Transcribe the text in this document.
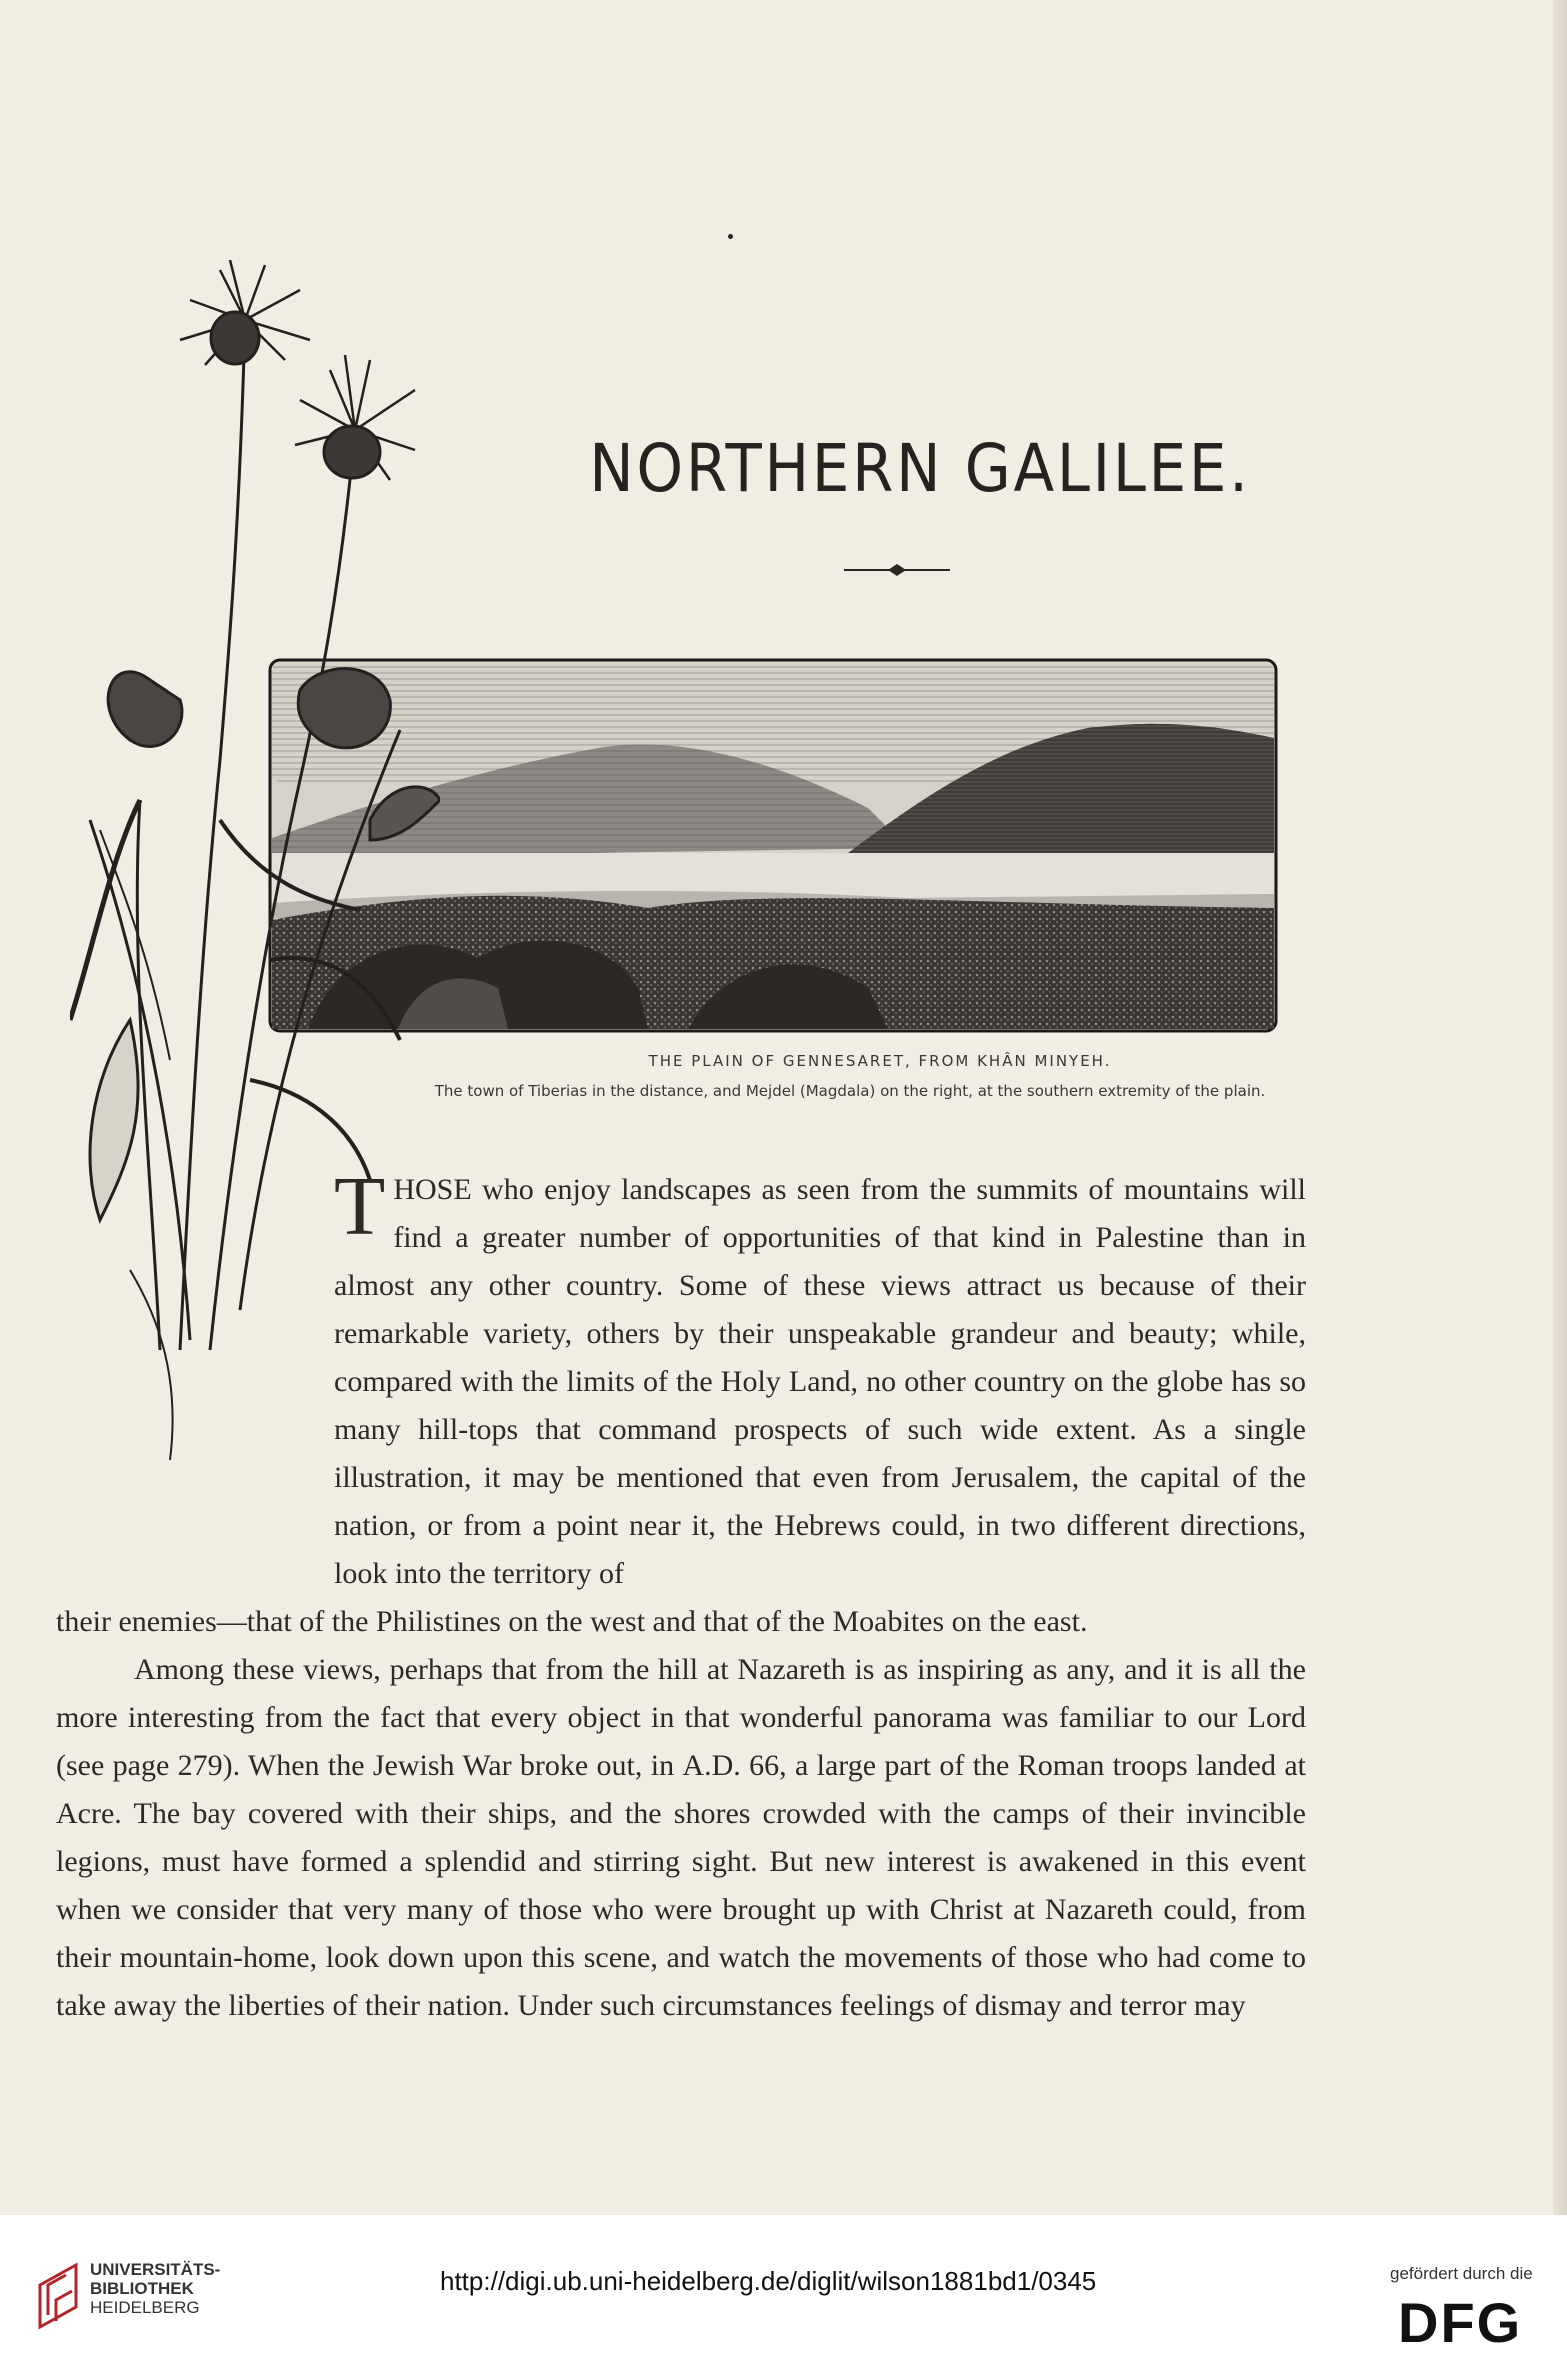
NORTHERN GALILEE.
THE PLAIN OF GENNESARET, FROM KHÂN MINYEH.
The town of Tiberias in the distance, and Mejdel (Magdala) on the right, at the southern extremity of the plain.

THOSE who enjoy landscapes as seen from the summits of mountains will find a greater number of opportunities of that kind in Palestine than in almost any other country. Some of these views attract us because of their remarkable variety, others by their unspeakable grandeur and beauty; while, compared with the limits of the Holy Land, no other country on the globe has so many hill-tops that command prospects of such wide extent. As a single illustration, it may be mentioned that even from Jerusalem, the capital of the nation, or from a point near it, the Hebrews could, in two different directions, look into the territory of

their enemies—that of the Philistines on the west and that of the Moabites on the east.

Among these views, perhaps that from the hill at Nazareth is as inspiring as any, and it is all the more interesting from the fact that every object in that wonderful panorama was familiar to our Lord (see page 279). When the Jewish War broke out, in A.D. 66, a large part of the Roman troops landed at Acre. The bay covered with their ships, and the shores crowded with the camps of their invincible legions, must have formed a splendid and stirring sight. But new interest is awakened in this event when we consider that very many of those who were brought up with Christ at Nazareth could, from their mountain-home, look down upon this scene, and watch the movements of those who had come to take away the liberties of their nation. Under such circumstances feelings of dismay and terror may

UNIVERSITÄTS-
BIBLIOTHEK
HEIDELBERG
http://digi.ub.uni-heidelberg.de/diglit/wilson1881bd1/0345	gefördert durch die
DFG
